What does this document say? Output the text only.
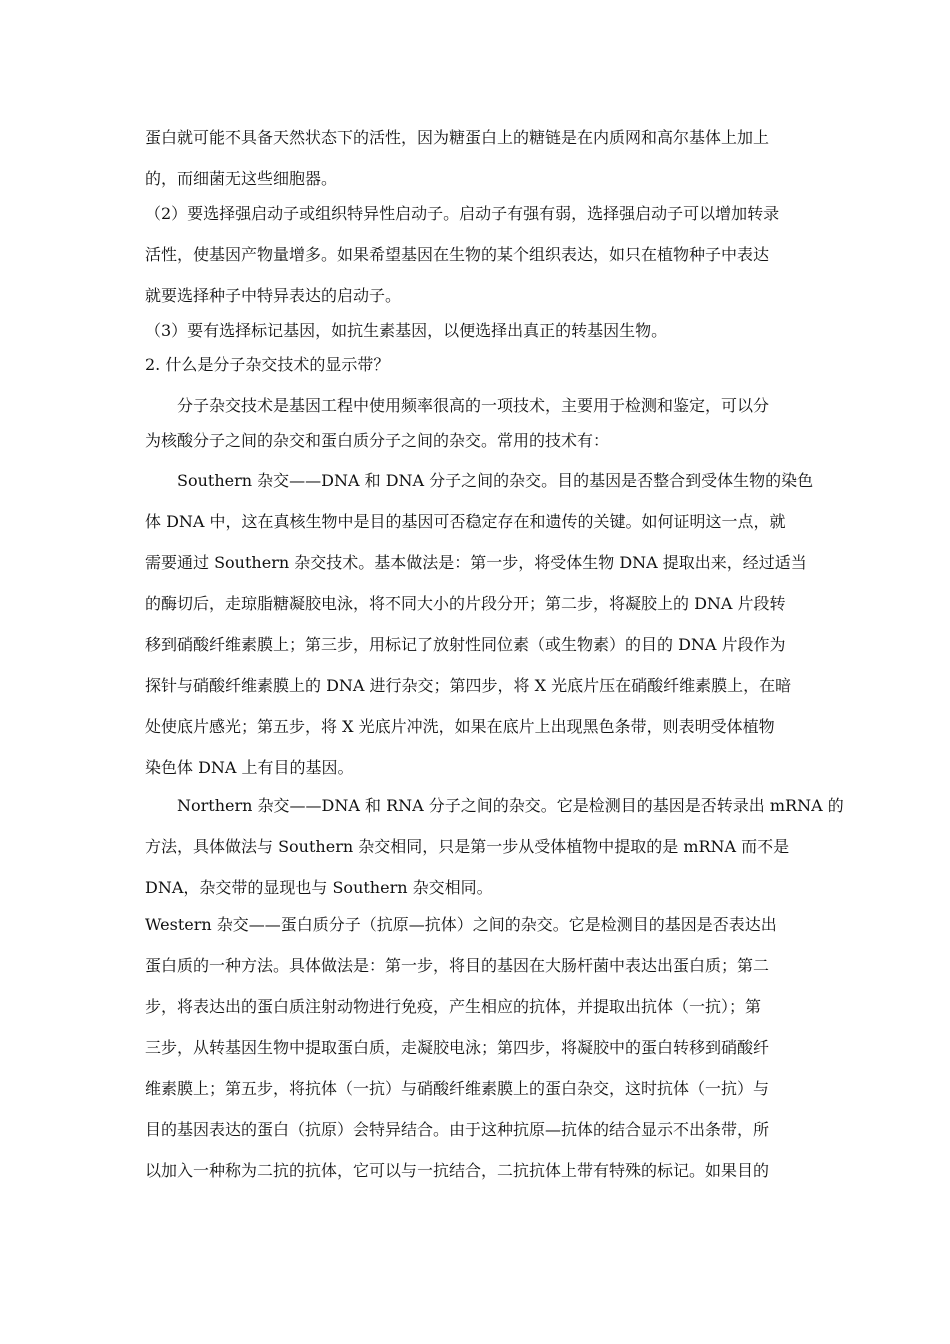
蛋白就可能不具备天然状态下的活性，因为糖蛋白上的糖链是在内质网和高尔基体上加上
的，而细菌无这些细胞器。
（2）要选择强启动子或组织特异性启动子。启动子有强有弱，选择强启动子可以增加转录
活性，使基因产物量增多。如果希望基因在生物的某个组织表达，如只在植物种子中表达
就要选择种子中特异表达的启动子。
（3）要有选择标记基因，如抗生素基因，以便选择出真正的转基因生物。
2. 什么是分子杂交技术的显示带？
分子杂交技术是基因工程中使用频率很高的一项技术，主要用于检测和鉴定，可以分
为核酸分子之间的杂交和蛋白质分子之间的杂交。常用的技术有：
Southern 杂交——DNA 和 DNA 分子之间的杂交。目的基因是否整合到受体生物的染色
体 DNA 中，这在真核生物中是目的基因可否稳定存在和遗传的关键。如何证明这一点，就
需要通过 Southern 杂交技术。基本做法是：第一步，将受体生物 DNA 提取出来，经过适当
的酶切后，走琼脂糖凝胶电泳，将不同大小的片段分开；第二步，将凝胶上的 DNA 片段转
移到硝酸纤维素膜上；第三步，用标记了放射性同位素（或生物素）的目的 DNA 片段作为
探针与硝酸纤维素膜上的 DNA 进行杂交；第四步，将 X 光底片压在硝酸纤维素膜上，在暗
处使底片感光；第五步，将 X 光底片冲洗，如果在底片上出现黑色条带，则表明受体植物
染色体 DNA 上有目的基因。
Northern 杂交——DNA 和 RNA 分子之间的杂交。它是检测目的基因是否转录出 mRNA 的
方法，具体做法与 Southern 杂交相同，只是第一步从受体植物中提取的是 mRNA 而不是
DNA，杂交带的显现也与 Southern 杂交相同。
Western 杂交——蛋白质分子（抗原—抗体）之间的杂交。它是检测目的基因是否表达出
蛋白质的一种方法。具体做法是：第一步，将目的基因在大肠杆菌中表达出蛋白质；第二
步，将表达出的蛋白质注射动物进行免疫，产生相应的抗体，并提取出抗体（一抗）；第
三步，从转基因生物中提取蛋白质，走凝胶电泳；第四步，将凝胶中的蛋白转移到硝酸纤
维素膜上；第五步，将抗体（一抗）与硝酸纤维素膜上的蛋白杂交，这时抗体（一抗）与
目的基因表达的蛋白（抗原）会特异结合。由于这种抗原—抗体的结合显示不出条带，所
以加入一种称为二抗的抗体，它可以与一抗结合，二抗抗体上带有特殊的标记。如果目的
